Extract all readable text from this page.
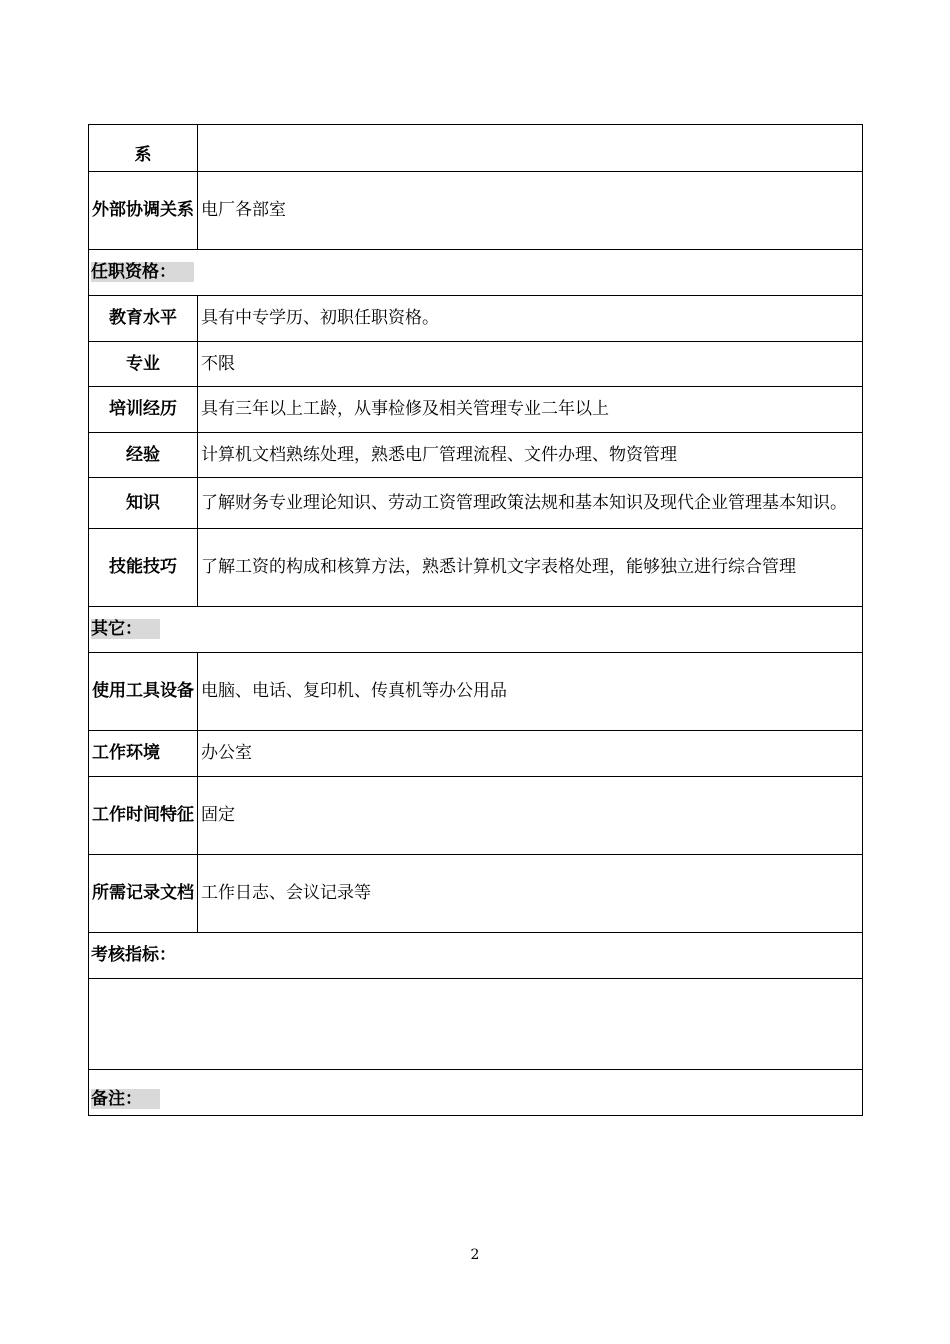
系	
外部协调关系	电厂各部室
任职资格：	
教育水平	具有中专学历、初职任职资格。
专业	不限
培训经历	具有三年以上工龄，从事检修及相关管理专业二年以上
经验	计算机文档熟练处理，熟悉电厂管理流程、文件办理、物资管理
知识	了解财务专业理论知识、劳动工资管理政策法规和基本知识及现代企业管理基本知识。
技能技巧	了解工资的构成和核算方法，熟悉计算机文字表格处理，能够独立进行综合管理
其它：	
使用工具设备	电脑、电话、复印机、传真机等办公用品
工作环境	办公室
工作时间特征	固定
所需记录文档	工作日志、会议记录等
考核指标：	

备注：	
2
